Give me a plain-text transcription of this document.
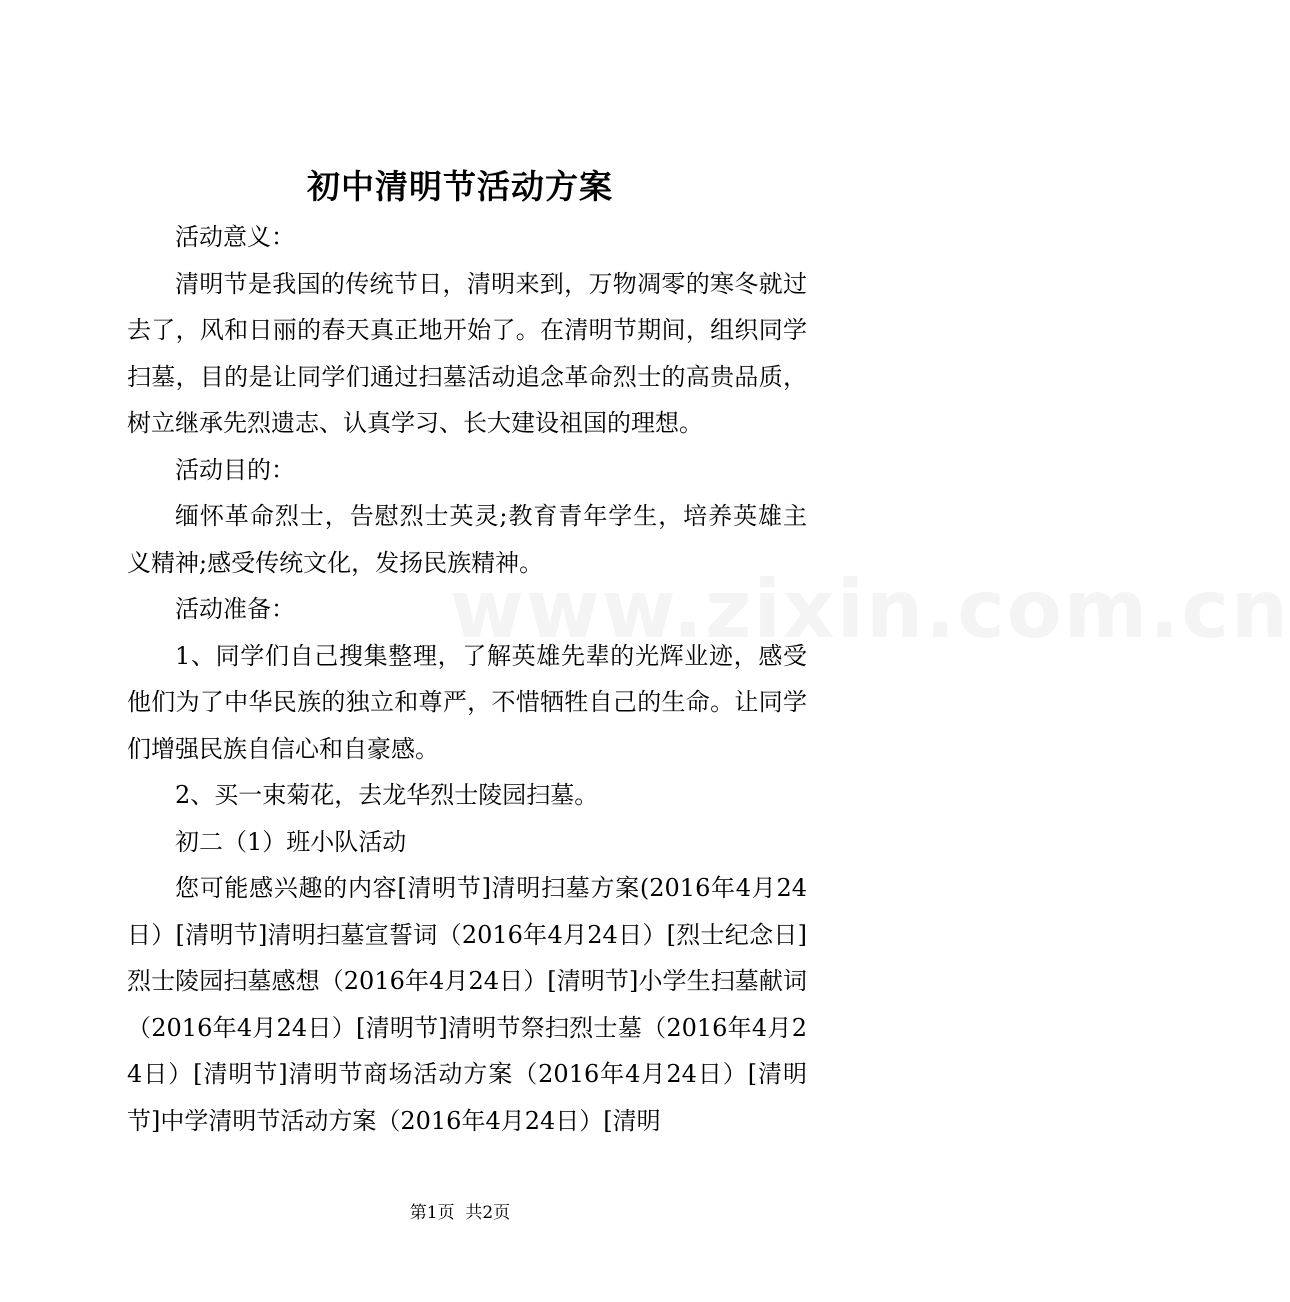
www.zixin.com.cn
初中清明节活动方案

活动意义：

清明节是我国的传统节日，清明来到，万物凋零的寒冬就过去了，风和日丽的春天真正地开始了。在清明节期间，组织同学扫墓，目的是让同学们通过扫墓活动追念革命烈士的高贵品质，树立继承先烈遗志、认真学习、长大建设祖国的理想。

活动目的：

缅怀革命烈士，告慰烈士英灵;教育青年学生，培养英雄主义精神;感受传统文化，发扬民族精神。

活动准备：

1、同学们自己搜集整理，了解英雄先辈的光辉业迹，感受他们为了中华民族的独立和尊严，不惜牺牲自己的生命。让同学们增强民族自信心和自豪感。

2、买一束菊花，去龙华烈士陵园扫墓。

初二（1）班小队活动

您可能感兴趣的内容[清明节]清明扫墓方案(2016年4月24日）[清明节]清明扫墓宣誓词（2016年4月24日）[烈士纪念日]烈士陵园扫墓感想（2016年4月24日）[清明节]小学生扫墓献词（2016年4月24日）[清明节]清明节祭扫烈士墓（2016年4月24日）[清明节]清明节商场活动方案（2016年4月24日）[清明节]中学清明节活动方案（2016年4月24日）[清明

第1页 共2页
